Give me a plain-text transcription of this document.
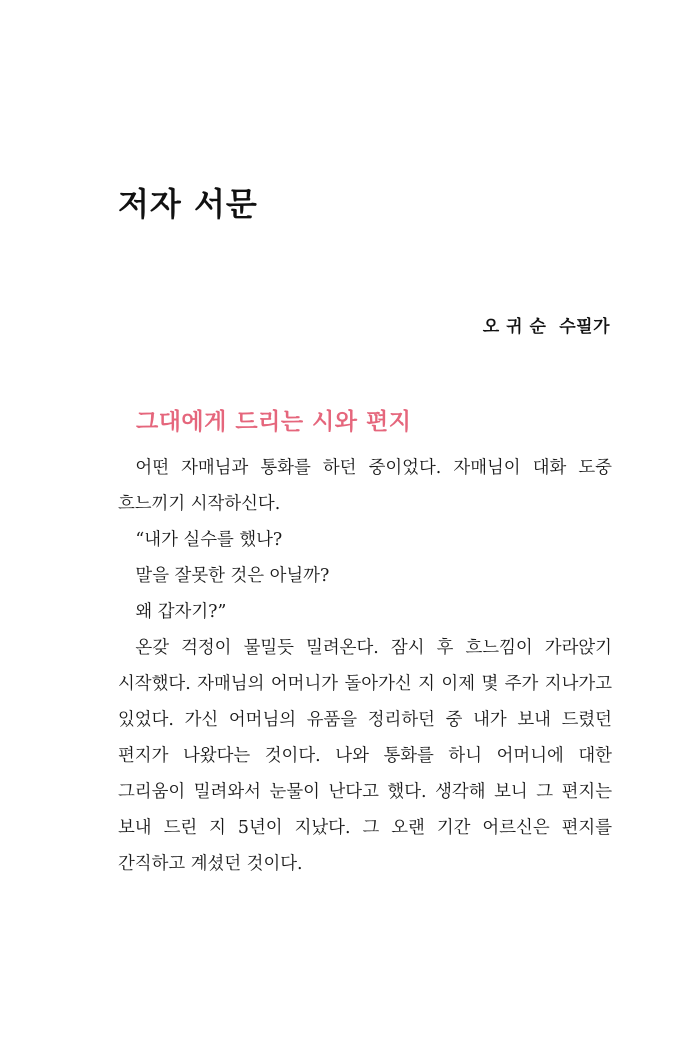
저자 서문
오 귀 순  수필가
그대에게 드리는 시와 편지

어떤 자매님과 통화를 하던 중이었다. 자매님이 대화 도중 흐느끼기 시작하신다.

“내가 실수를 했나?

말을 잘못한 것은 아닐까?

왜 갑자기?”

온갖 걱정이 물밀듯 밀려온다. 잠시 후 흐느낌이 가라앉기 시작했다. 자매님의 어머니가 돌아가신 지 이제 몇 주가 지나가고 있었다. 가신 어머님의 유품을 정리하던 중 내가 보내 드렸던 편지가 나왔다는 것이다. 나와 통화를 하니 어머니에 대한 그리움이 밀려와서 눈물이 난다고 했다. 생각해 보니 그 편지는 보내 드린 지 5년이 지났다. 그 오랜 기간 어르신은 편지를 간직하고 계셨던 것이다.
